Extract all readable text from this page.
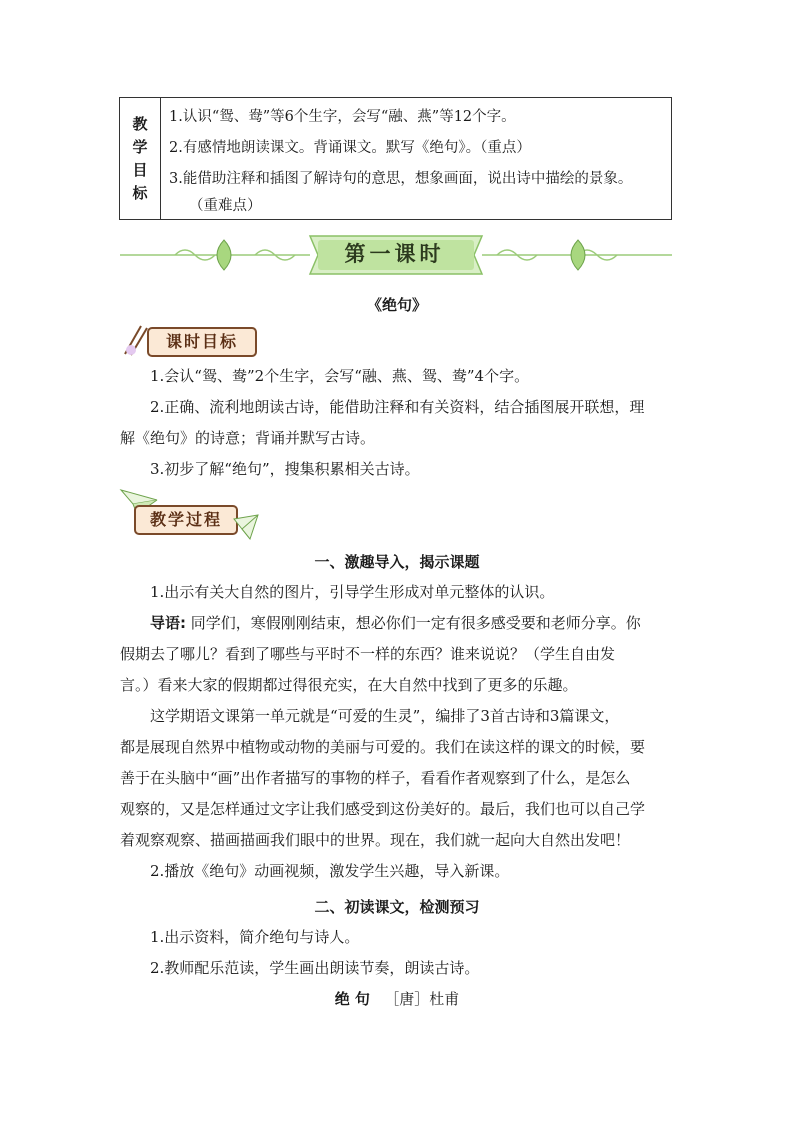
教
学
目
标
1.认识“鸳、鸯”等6个生字，会写“融、燕”等12个字。
2.有感情地朗读课文。背诵课文。默写《绝句》。（重点）
3.能借助注释和插图了解诗句的意思，想象画面，说出诗中描绘的景象。
（重难点）
第一课时
《绝句》
课时目标
1.会认“鸳、鸯”2个生字，会写“融、燕、鸳、鸯”4个字。
2.正确、流利地朗读古诗，能借助注释和有关资料，结合插图展开联想，理
解《绝句》的诗意；背诵并默写古诗。
3.初步了解“绝句”，搜集积累相关古诗。
教学过程
一、激趣导入，揭示课题
1.出示有关大自然的图片，引导学生形成对单元整体的认识。
导语: 同学们，寒假刚刚结束，想必你们一定有很多感受要和老师分享。你
假期去了哪儿？看到了哪些与平时不一样的东西？谁来说说？（学生自由发
言。）看来大家的假期都过得很充实，在大自然中找到了更多的乐趣。
这学期语文课第一单元就是“可爱的生灵”，编排了3首古诗和3篇课文，
都是展现自然界中植物或动物的美丽与可爱的。我们在读这样的课文的时候，要
善于在头脑中“画”出作者描写的事物的样子，看看作者观察到了什么，是怎么
观察的，又是怎样通过文字让我们感受到这份美好的。最后，我们也可以自己学
着观察观察、描画描画我们眼中的世界。现在，我们就一起向大自然出发吧！
2.播放《绝句》动画视频，激发学生兴趣，导入新课。
二、初读课文，检测预习
1.出示资料，简介绝句与诗人。
2.教师配乐范读，学生画出朗读节奏，朗读古诗。
绝 句 ［唐］杜甫
